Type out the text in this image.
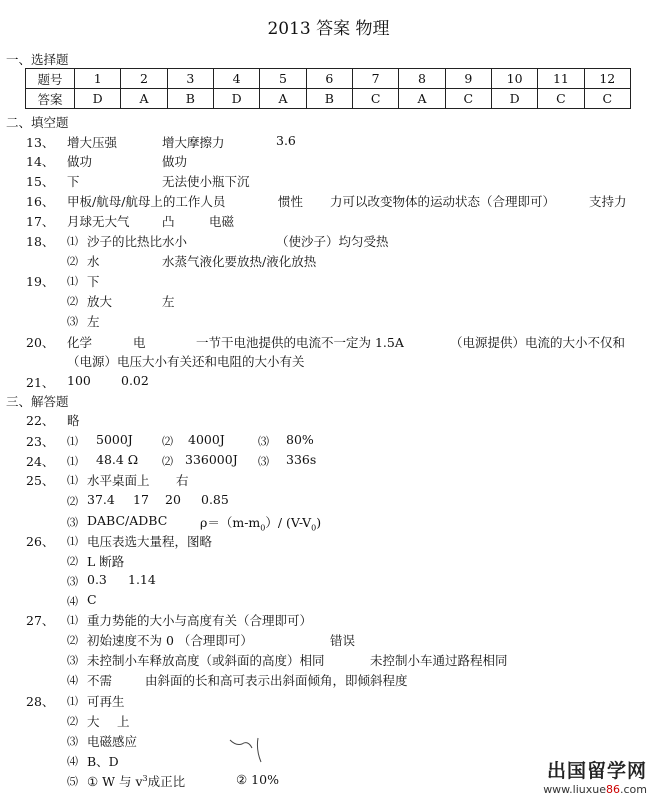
2013 答案 物理
一、选择题
题号	1	2	3	4	5	6	7	8	9	10	11	12
答案	D	A	B	D	A	B	C	A	C	D	C	C
二、填空题
13、 增大压强	增大摩擦力	3.6
14、 做功	做功
15、 下	无法使小瓶下沉
16、 甲板/航母/航母上的工作人员	惯性 力可以改变物体的运动状态（合理即可）	支持力
17、 月球无大气	凸	电磁
18、 ⑴ 沙子的比热比水小	（使沙子）均匀受热
⑵ 水	水蒸气液化要放热/液化放热
19、 ⑴ 下
⑵ 放大	左
⑶ 左
20、 化学	电	一节干电池提供的电流不一定为 1.5A	（电源提供）电流的大小不仅和
（电源）电压大小有关还和电阻的大小有关
21、 100 0.02
三、解答题
22、 略
23、 ⑴ 5000J	⑵ 4000J	⑶ 80%
24、 ⑴ 48.4 Ω ⑵ 336000J ⑶ 336s
25、 ⑴ 水平桌面上 右
⑵ 37.4 17 20 0.85
⑶ DABC/ADBC	$\rho=(m-m_0)/$ $(V-V_0)$
26、 ⑴ 电压表选大量程，图略
⑵ L 断路
⑶ 0.3 1.14
⑷ C
27、 ⑴ 重力势能的大小与高度有关（合理即可）
⑵ 初始速度不为 0 （合理即可）	错误
⑶ 未控制小车释放高度（或斜面的高度）相同	未控制小车通过路程相同
⑷ 不需	由斜面的长和高可表示出斜面倾角，即倾斜程度
28、 ⑴ 可再生
⑵ 大 上
⑶ 电磁感应
⑷ B、D
⑸ ① W 与 $v^3$成正比	② 10%	出国留学网
www.liuxue86.com
